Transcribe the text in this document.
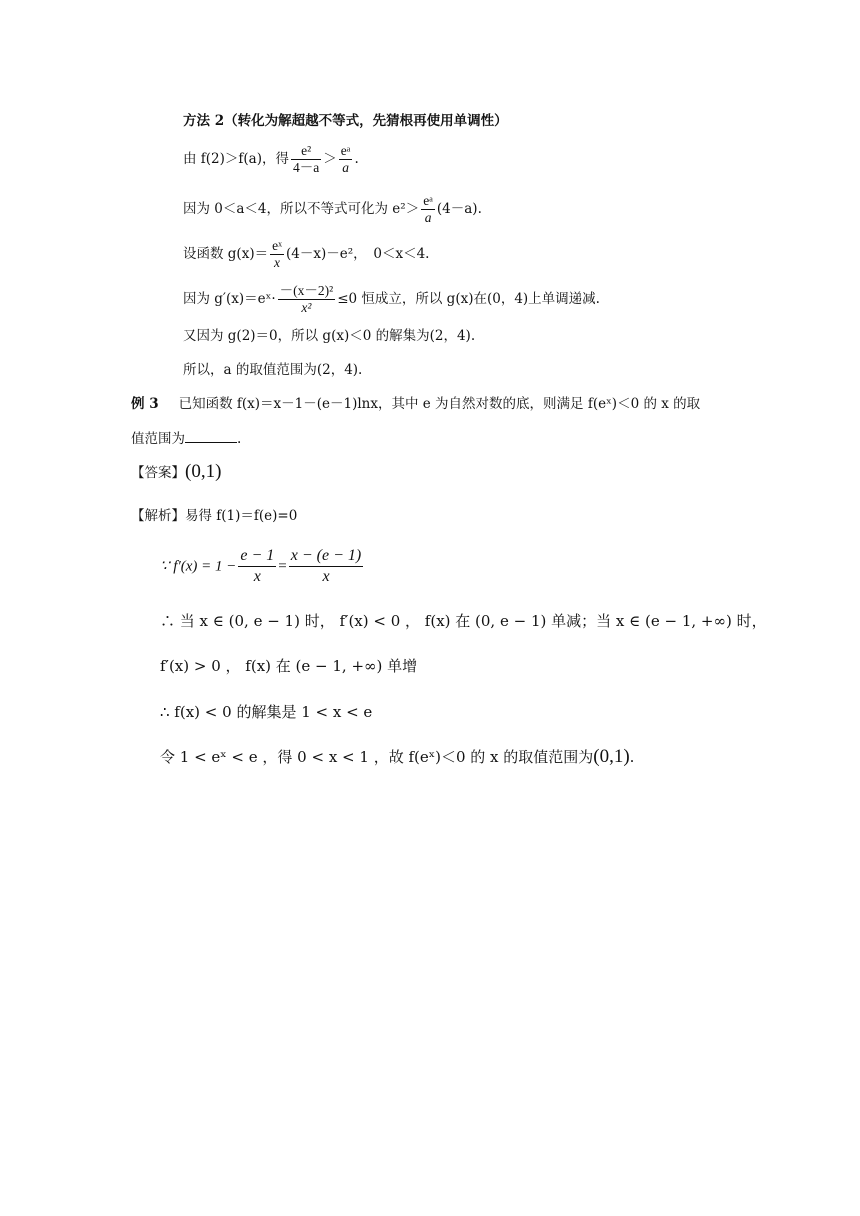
方法 2（转化为解超越不等式，先猜根再使用单调性）
由 f(2)＞f(a)，得 $\frac{\text{e²}}{4-a} > \frac{\text{eᵃ}}{a}$ .
因为 0＜a＜4，所以不等式可化为 $e^2> \frac{\text{eᵃ}}{a} (4-a)$.
设函数 $g(x)= \frac{\text{eˣ}}{x} (4-x)-e^2$，　0＜x＜4.
因为 g′(x)＝eˣ· $\frac{\text{－(x－2)²}}{\text{x²}} \le 0$ 恒成立，所以 g(x)在(0，4)上单调递减.
又因为 g(2)＝0，所以 g(x)＜0 的解集为(2，4).
所以，a 的取值范围为(2，4).
例 3 已知函数 f(x)＝x－1－(e－1)lnx，其中 e 为自然对数的底，则满足 f(eˣ)＜0 的 x 的取
值范围为	.
【答案】(0,1)
【解析】易得 f(1)＝f(e)=0
∵ $f'(x) = 1 - \frac{e - 1}{x} = \frac{x - (e - 1)}{x}$
∴ 当 x ∈ (0, e − 1) 时， f′(x) < 0 ， f(x) 在 (0, e − 1) 单减；当 x ∈ (e − 1, +∞) 时，
f′(x) > 0 ， f(x) 在 (e − 1, +∞) 单增
∴ f(x) < 0 的解集是 1 < x < e
令 1 < eˣ < e ，得 0 < x < 1 ，故 f(eˣ)＜0 的 x 的取值范围为(0,1).
